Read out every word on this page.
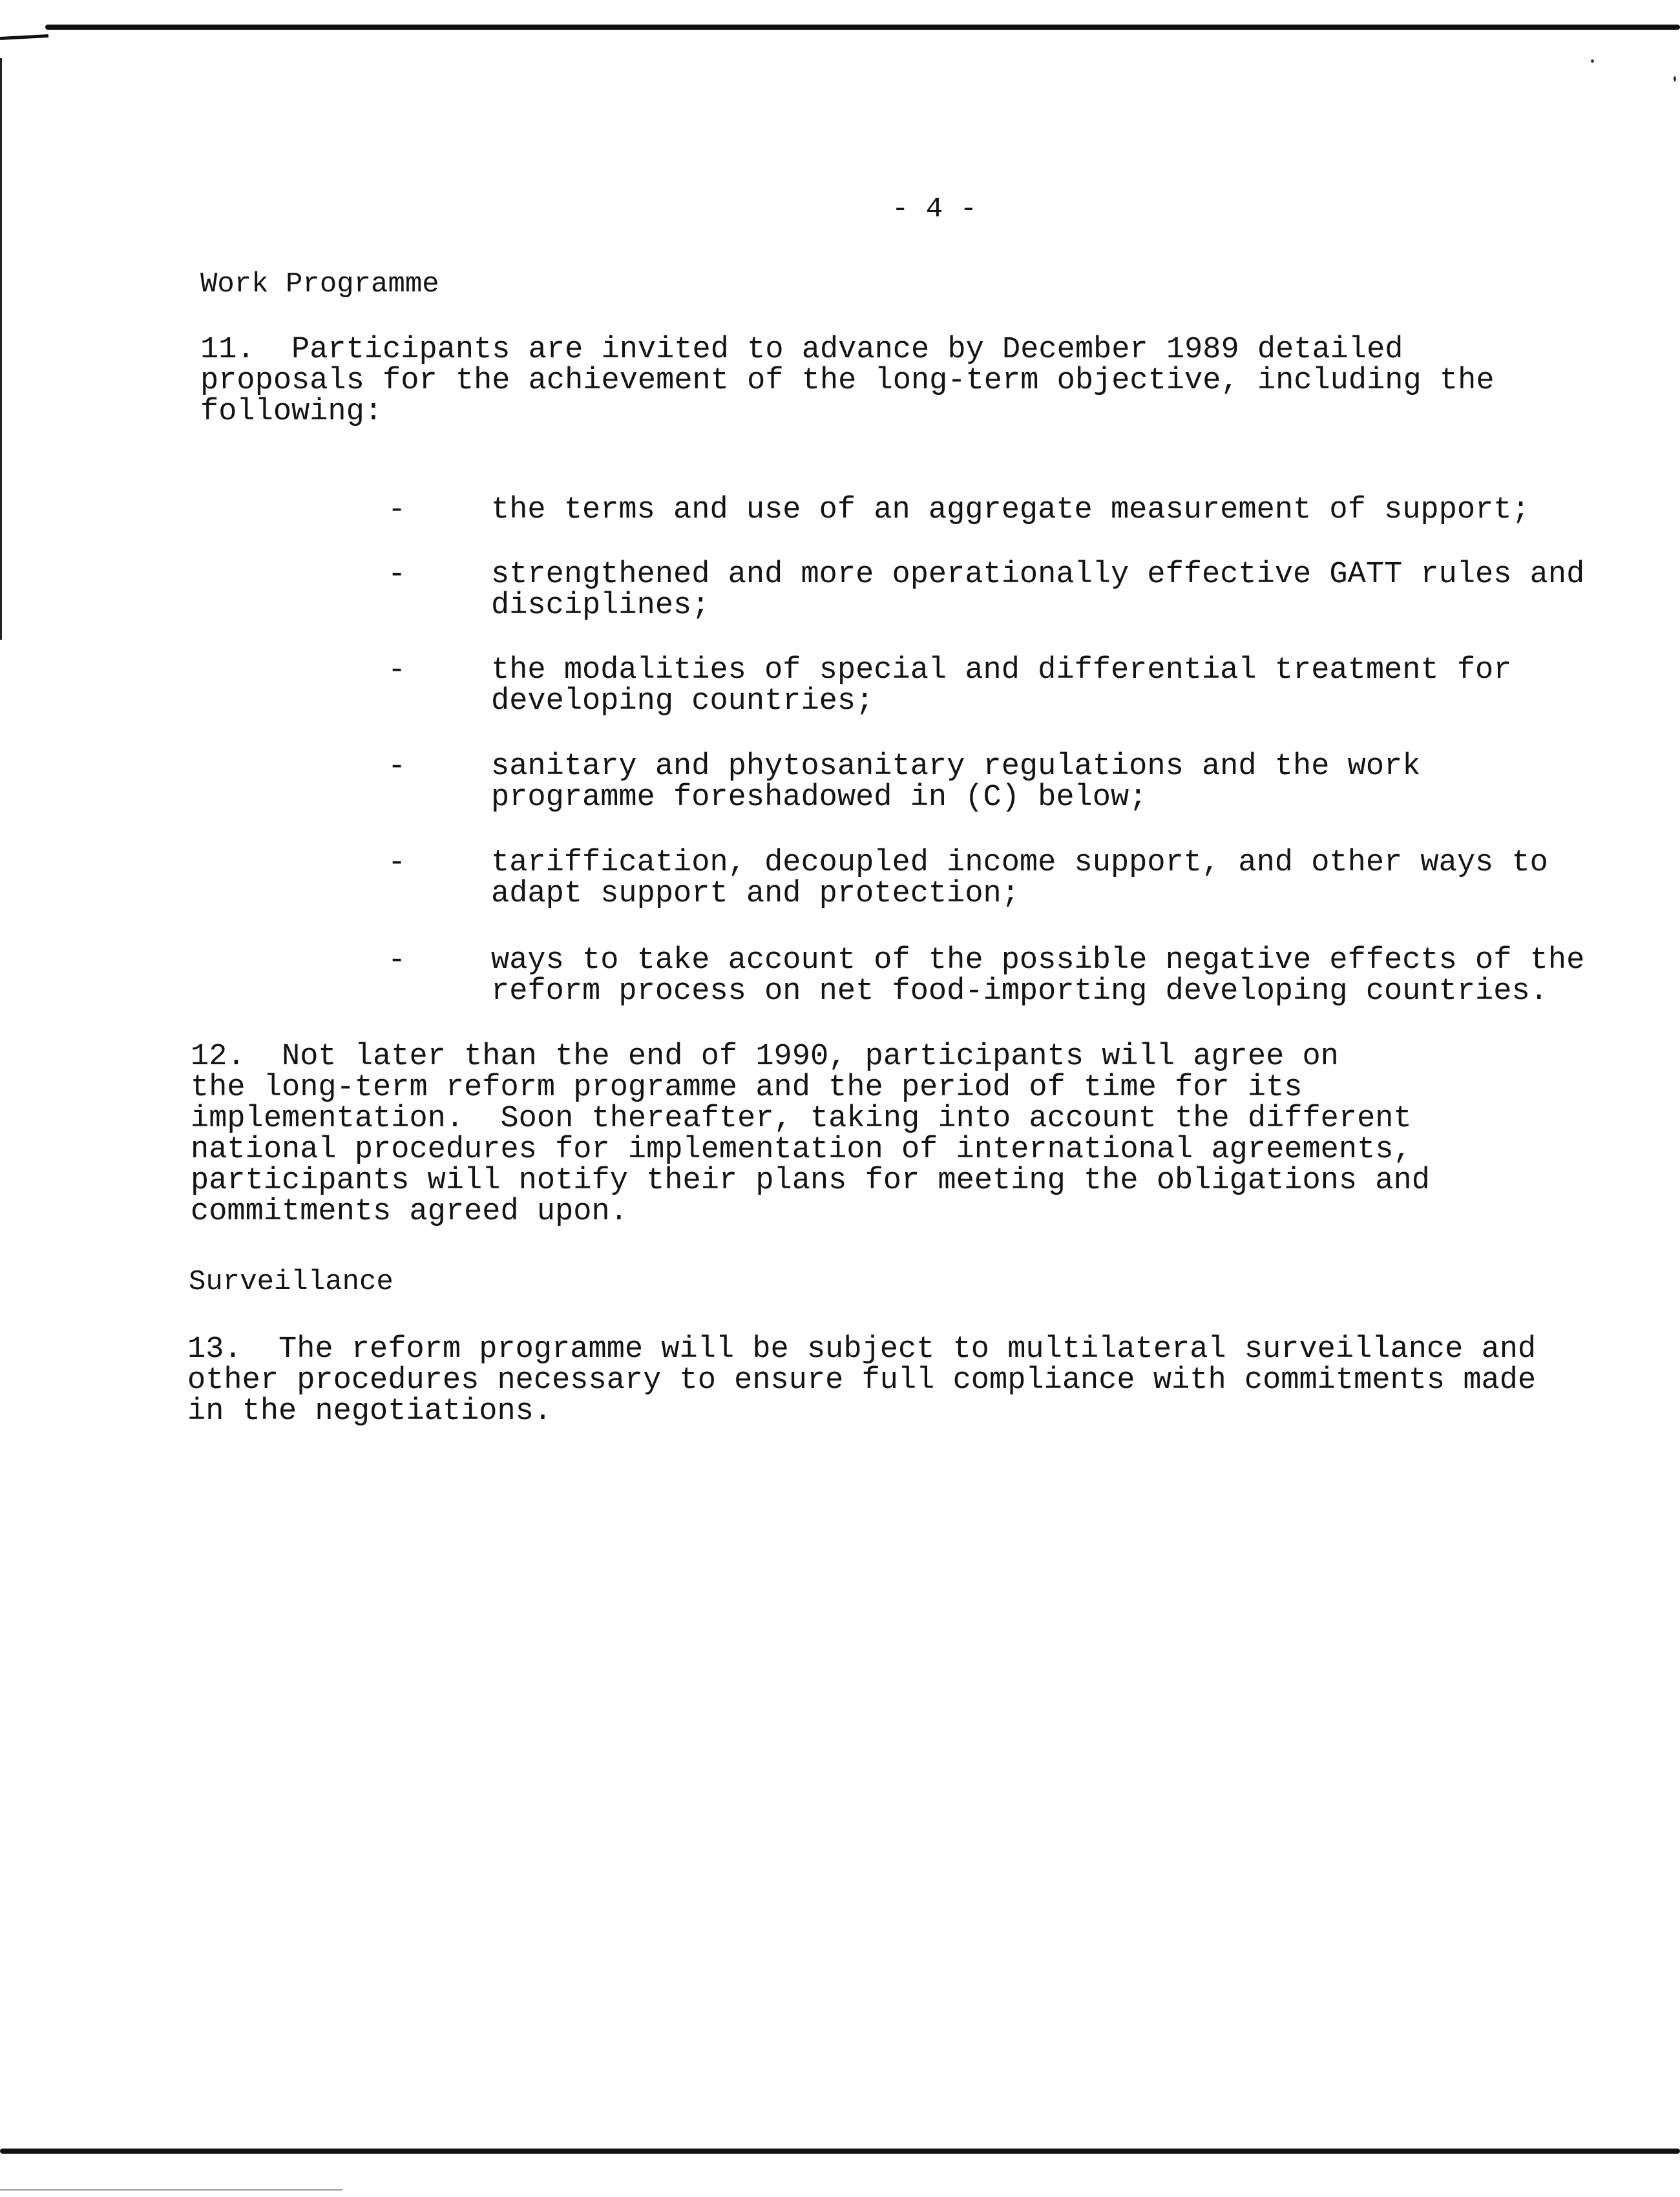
- 4 -
Work Programme
11.  Participants are invited to advance by December 1989 detailed
proposals for the achievement of the long-term objective, including the
following:
-	the terms and use of an aggregate measurement of support;
-	strengthened and more operationally effective GATT rules and
disciplines;
-	the modalities of special and differential treatment for
developing countries;
-	sanitary and phytosanitary regulations and the work
programme foreshadowed in (C) below;
-	tariffication, decoupled income support, and other ways to
adapt support and protection;
-	ways to take account of the possible negative effects of the
reform process on net food-importing developing countries.
12.  Not later than the end of 1990, participants will agree on
the long-term reform programme and the period of time for its
implementation.  Soon thereafter, taking into account the different
national procedures for implementation of international agreements,
participants will notify their plans for meeting the obligations and
commitments agreed upon.
Surveillance
13.  The reform programme will be subject to multilateral surveillance and
other procedures necessary to ensure full compliance with commitments made
in the negotiations.
